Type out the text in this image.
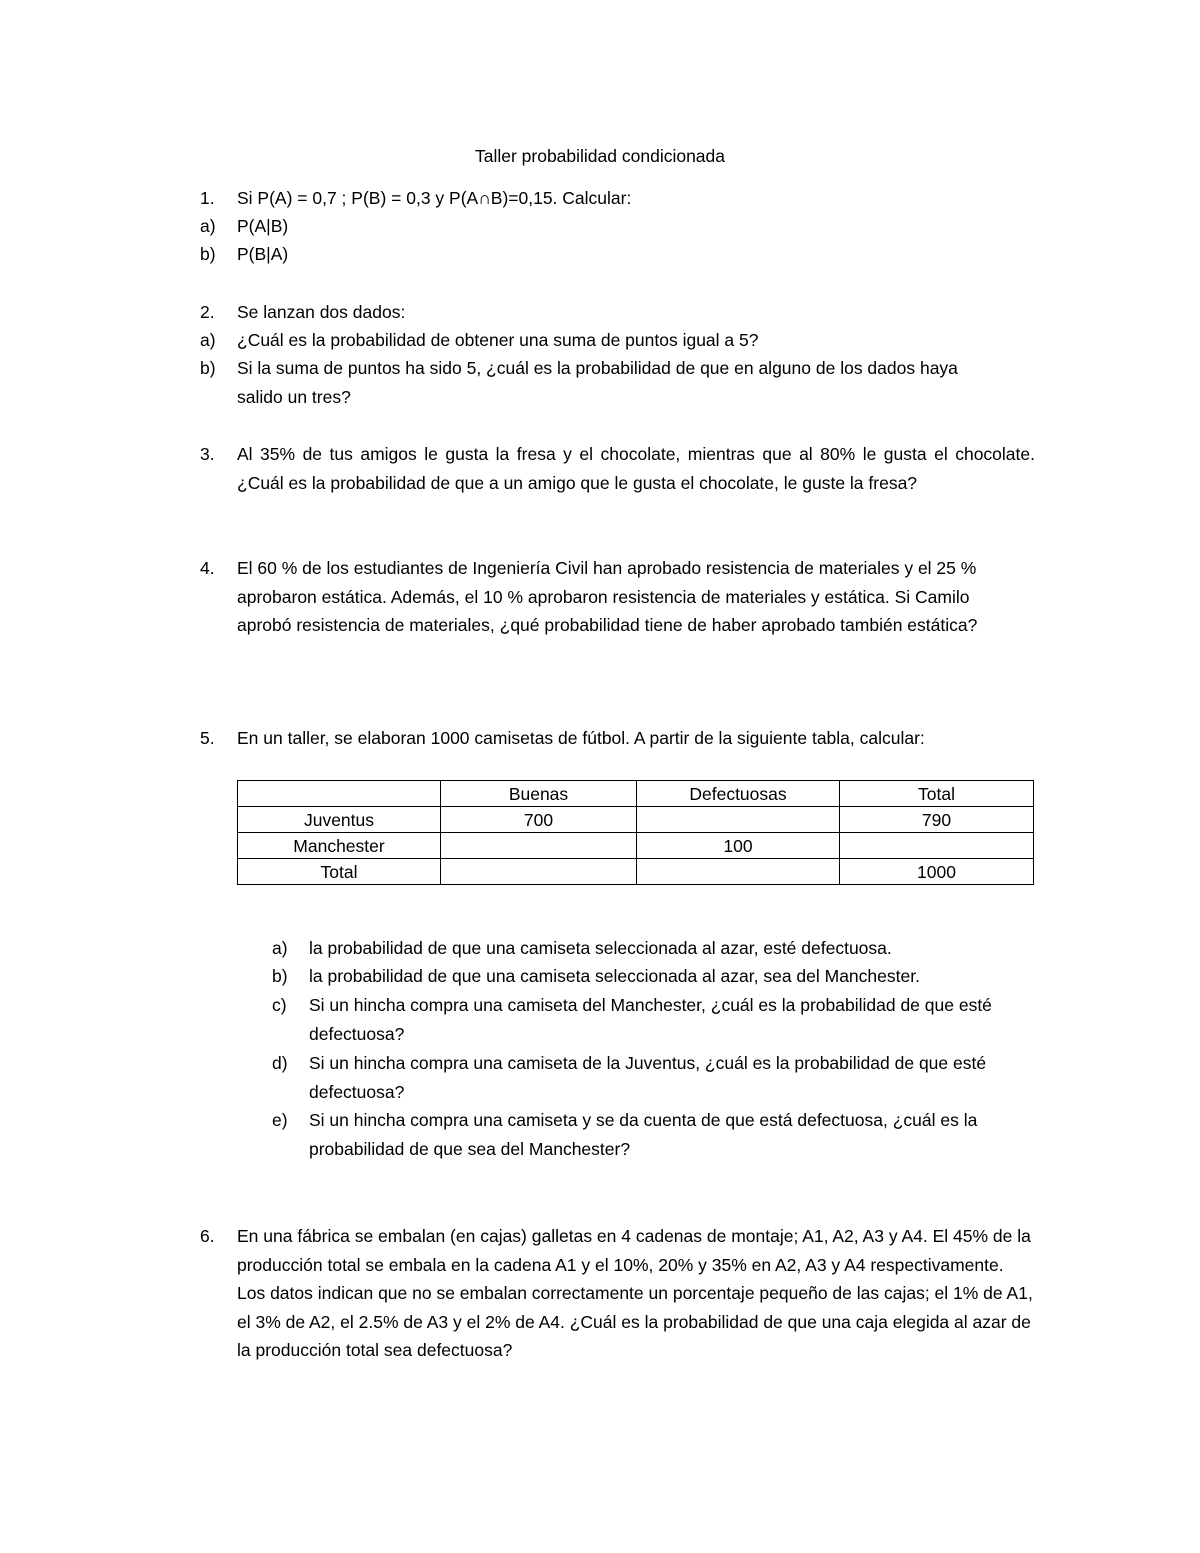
Taller probabilidad condicionada
1. Si P(A) = 0,7 ; P(B) = 0,3 y P(A∩B)=0,15. Calcular:
a) P(A|B)
b) P(B|A)
2. Se lanzan dos dados:
a) ¿Cuál es la probabilidad de obtener una suma de puntos igual a 5?
b) Si la suma de puntos ha sido 5, ¿cuál es la probabilidad de que en alguno de los dados haya salido un tres?
3. Al 35% de tus amigos le gusta la fresa y el chocolate, mientras que al 80% le gusta el chocolate. ¿Cuál es la probabilidad de que a un amigo que le gusta el chocolate, le guste la fresa?
4. El 60 % de los estudiantes de Ingeniería Civil han aprobado resistencia de materiales y el 25 % aprobaron estática. Además, el 10 % aprobaron resistencia de materiales y estática. Si Camilo aprobó resistencia de materiales, ¿qué probabilidad tiene de haber aprobado también estática?
5. En un taller, se elaboran 1000 camisetas de fútbol. A partir de la siguiente tabla, calcular:
	Buenas	Defectuosas	Total
Juventus	700		790
Manchester		100	
Total			1000
a) la probabilidad de que una camiseta seleccionada al azar, esté defectuosa.
b) la probabilidad de que una camiseta seleccionada al azar, sea del Manchester.
c) Si un hincha compra una camiseta del Manchester, ¿cuál es la probabilidad de que esté defectuosa?
d) Si un hincha compra una camiseta de la Juventus, ¿cuál es la probabilidad de que esté defectuosa?
e) Si un hincha compra una camiseta y se da cuenta de que está defectuosa, ¿cuál es la probabilidad de que sea del Manchester?
6. En una fábrica se embalan (en cajas) galletas en 4 cadenas de montaje; A1, A2, A3 y A4. El 45% de la producción total se embala en la cadena A1 y el 10%, 20% y 35% en A2, A3 y A4 respectivamente. Los datos indican que no se embalan correctamente un porcentaje pequeño de las cajas; el 1% de A1, el 3% de A2, el 2.5% de A3 y el 2% de A4. ¿Cuál es la probabilidad de que una caja elegida al azar de la producción total sea defectuosa?
